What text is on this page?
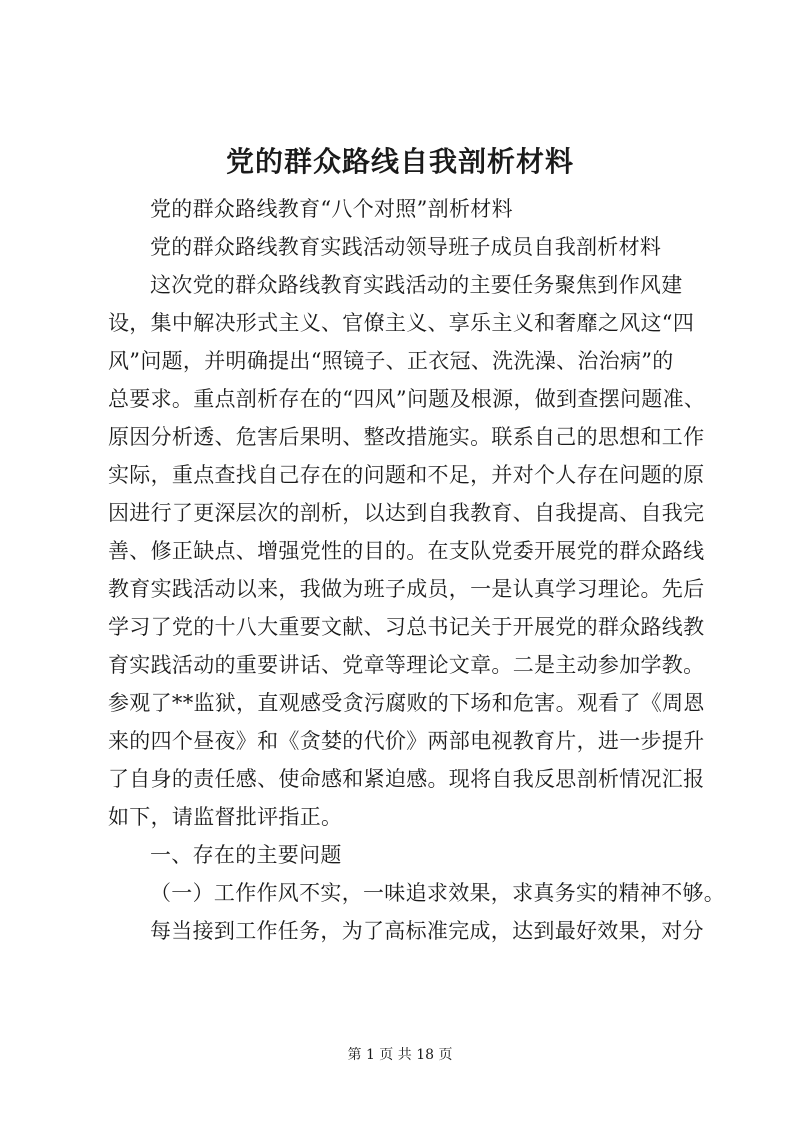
党的群众路线自我剖析材料
党的群众路线教育“八个对照”剖析材料
党的群众路线教育实践活动领导班子成员自我剖析材料
这次党的群众路线教育实践活动的主要任务聚焦到作风建
设，集中解决形式主义、官僚主义、享乐主义和奢靡之风这“四
风”问题，并明确提出“照镜子、正衣冠、洗洗澡、治治病”的
总要求。重点剖析存在的“四风”问题及根源，做到查摆问题准、
原因分析透、危害后果明、整改措施实。联系自己的思想和工作
实际，重点查找自己存在的问题和不足，并对个人存在问题的原
因进行了更深层次的剖析，以达到自我教育、自我提高、自我完
善、修正缺点、增强党性的目的。在支队党委开展党的群众路线
教育实践活动以来，我做为班子成员，一是认真学习理论。先后
学习了党的十八大重要文献、习总书记关于开展党的群众路线教
育实践活动的重要讲话、党章等理论文章。二是主动参加学教。
参观了**监狱，直观感受贪污腐败的下场和危害。观看了《周恩
来的四个昼夜》和《贪婪的代价》两部电视教育片，进一步提升
了自身的责任感、使命感和紧迫感。现将自我反思剖析情况汇报
如下，请监督批评指正。
一、存在的主要问题
（一）工作作风不实，一味追求效果，求真务实的精神不够。
每当接到工作任务，为了高标准完成，达到最好效果，对分
第 1 页 共 18 页
